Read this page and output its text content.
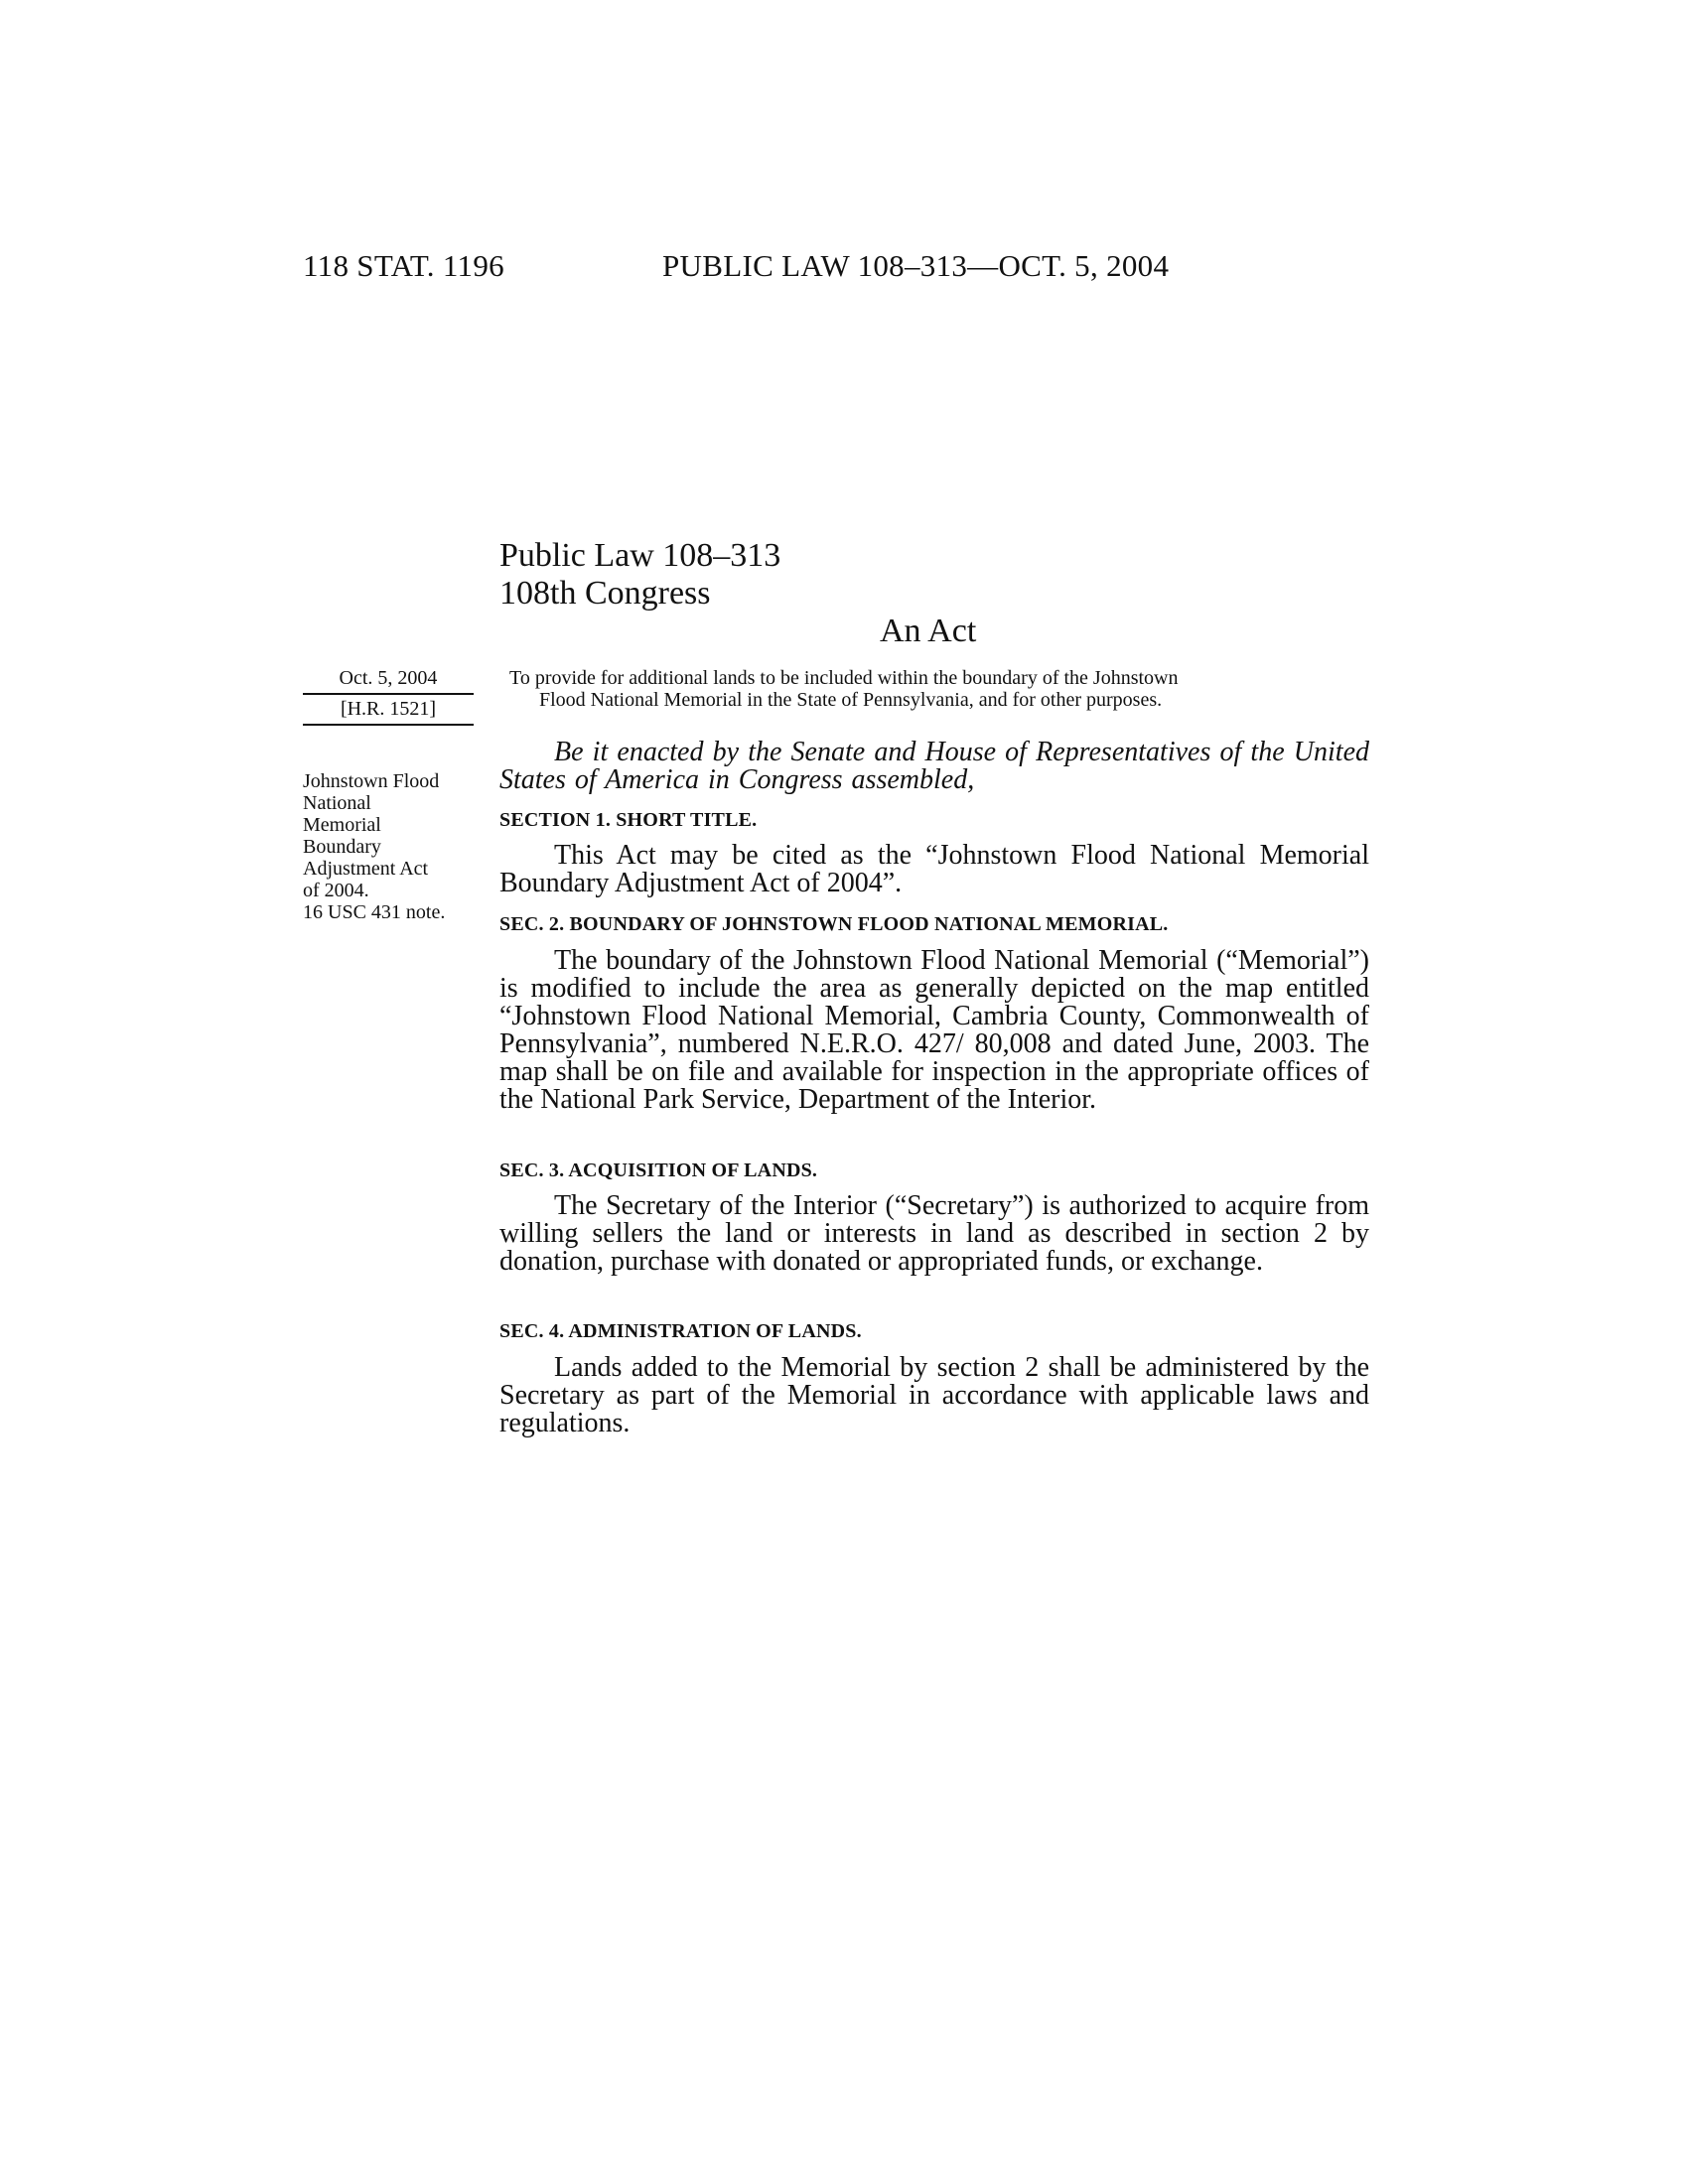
118 STAT. 1196	PUBLIC LAW 108–313—OCT. 5, 2004
Public Law 108–313
108th Congress
An Act
Oct. 5, 2004
[H.R. 1521]
Johnstown Flood
National
Memorial
Boundary
Adjustment Act
of 2004.
16 USC 431 note.
To provide for additional lands to be included within the boundary of the Johnstown
Flood National Memorial in the State of Pennsylvania, and for other purposes.

Be it enacted by the Senate and House of Representatives of the United States of America in Congress assembled,

SECTION 1. SHORT TITLE.

This Act may be cited as the “Johnstown Flood National Memorial Boundary Adjustment Act of 2004”.

SEC. 2. BOUNDARY OF JOHNSTOWN FLOOD NATIONAL MEMORIAL.

The boundary of the Johnstown Flood National Memorial (“Memorial”) is modified to include the area as generally depicted on the map entitled “Johnstown Flood National Memorial, Cambria County, Commonwealth of Pennsylvania”, numbered N.E.R.O. 427/ 80,008 and dated June, 2003. The map shall be on file and available for inspection in the appropriate offices of the National Park Service, Department of the Interior.

SEC. 3. ACQUISITION OF LANDS.

The Secretary of the Interior (“Secretary”) is authorized to acquire from willing sellers the land or interests in land as described in section 2 by donation, purchase with donated or appropriated funds, or exchange.

SEC. 4. ADMINISTRATION OF LANDS.

Lands added to the Memorial by section 2 shall be administered by the Secretary as part of the Memorial in accordance with applicable laws and regulations.
